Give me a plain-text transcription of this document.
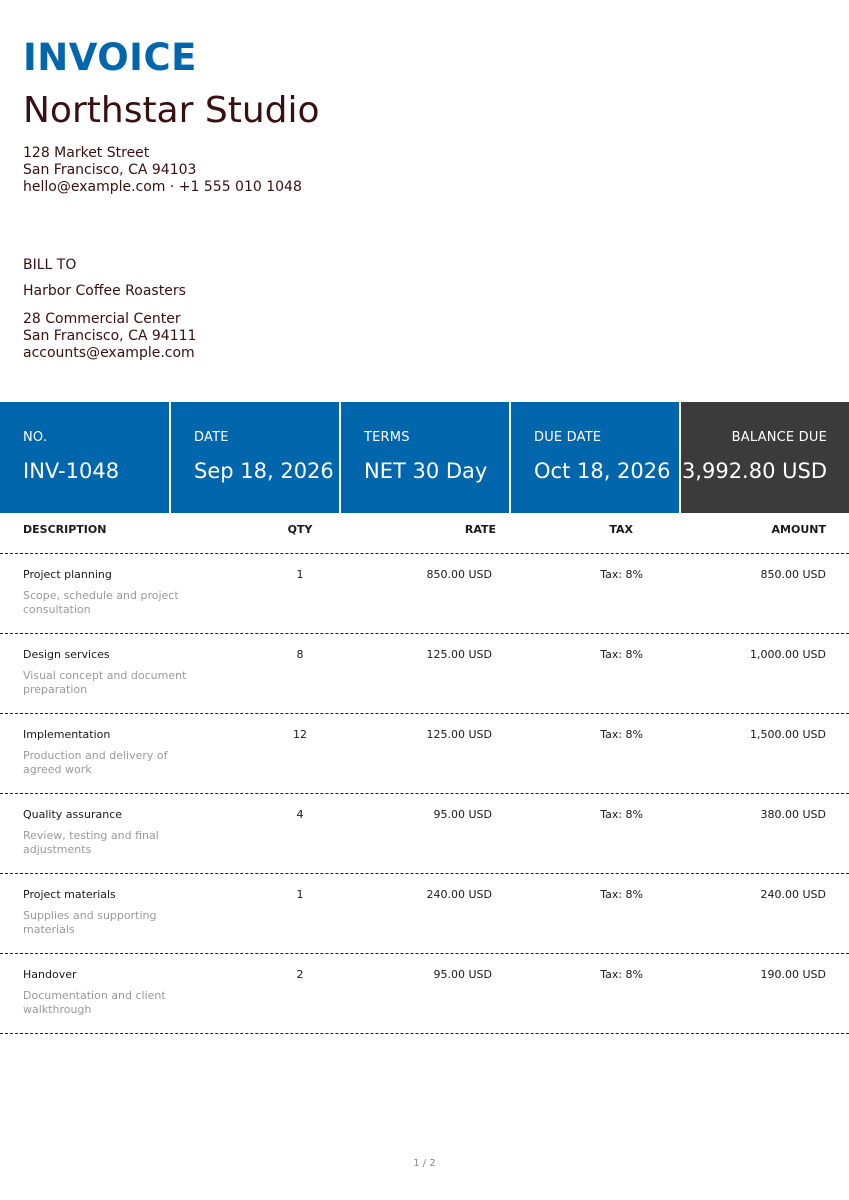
INVOICE
Northstar Studio
128 Market Street
San Francisco, CA 94103
hello@example.com · +1 555 010 1048
BILL TO
Harbor Coffee Roasters
28 Commercial Center
San Francisco, CA 94111
accounts@example.com
NO.
INV-1048
DATE
Sep 18, 2026
TERMS
NET 30 Day
DUE DATE
Oct 18, 2026
BALANCE DUE
3,992.80 USD
DESCRIPTION	QTY	RATE	TAX	AMOUNT
Project planning
Scope, schedule and project consultation
1	850.00 USD	Tax: 8%	850.00 USD
Design services
Visual concept and document preparation
8	125.00 USD	Tax: 8%	1,000.00 USD
Implementation
Production and delivery of agreed work
12	125.00 USD	Tax: 8%	1,500.00 USD
Quality assurance
Review, testing and final adjustments
4	95.00 USD	Tax: 8%	380.00 USD
Project materials
Supplies and supporting materials
1	240.00 USD	Tax: 8%	240.00 USD
Handover
Documentation and client walkthrough
2	95.00 USD	Tax: 8%	190.00 USD
1 / 2
